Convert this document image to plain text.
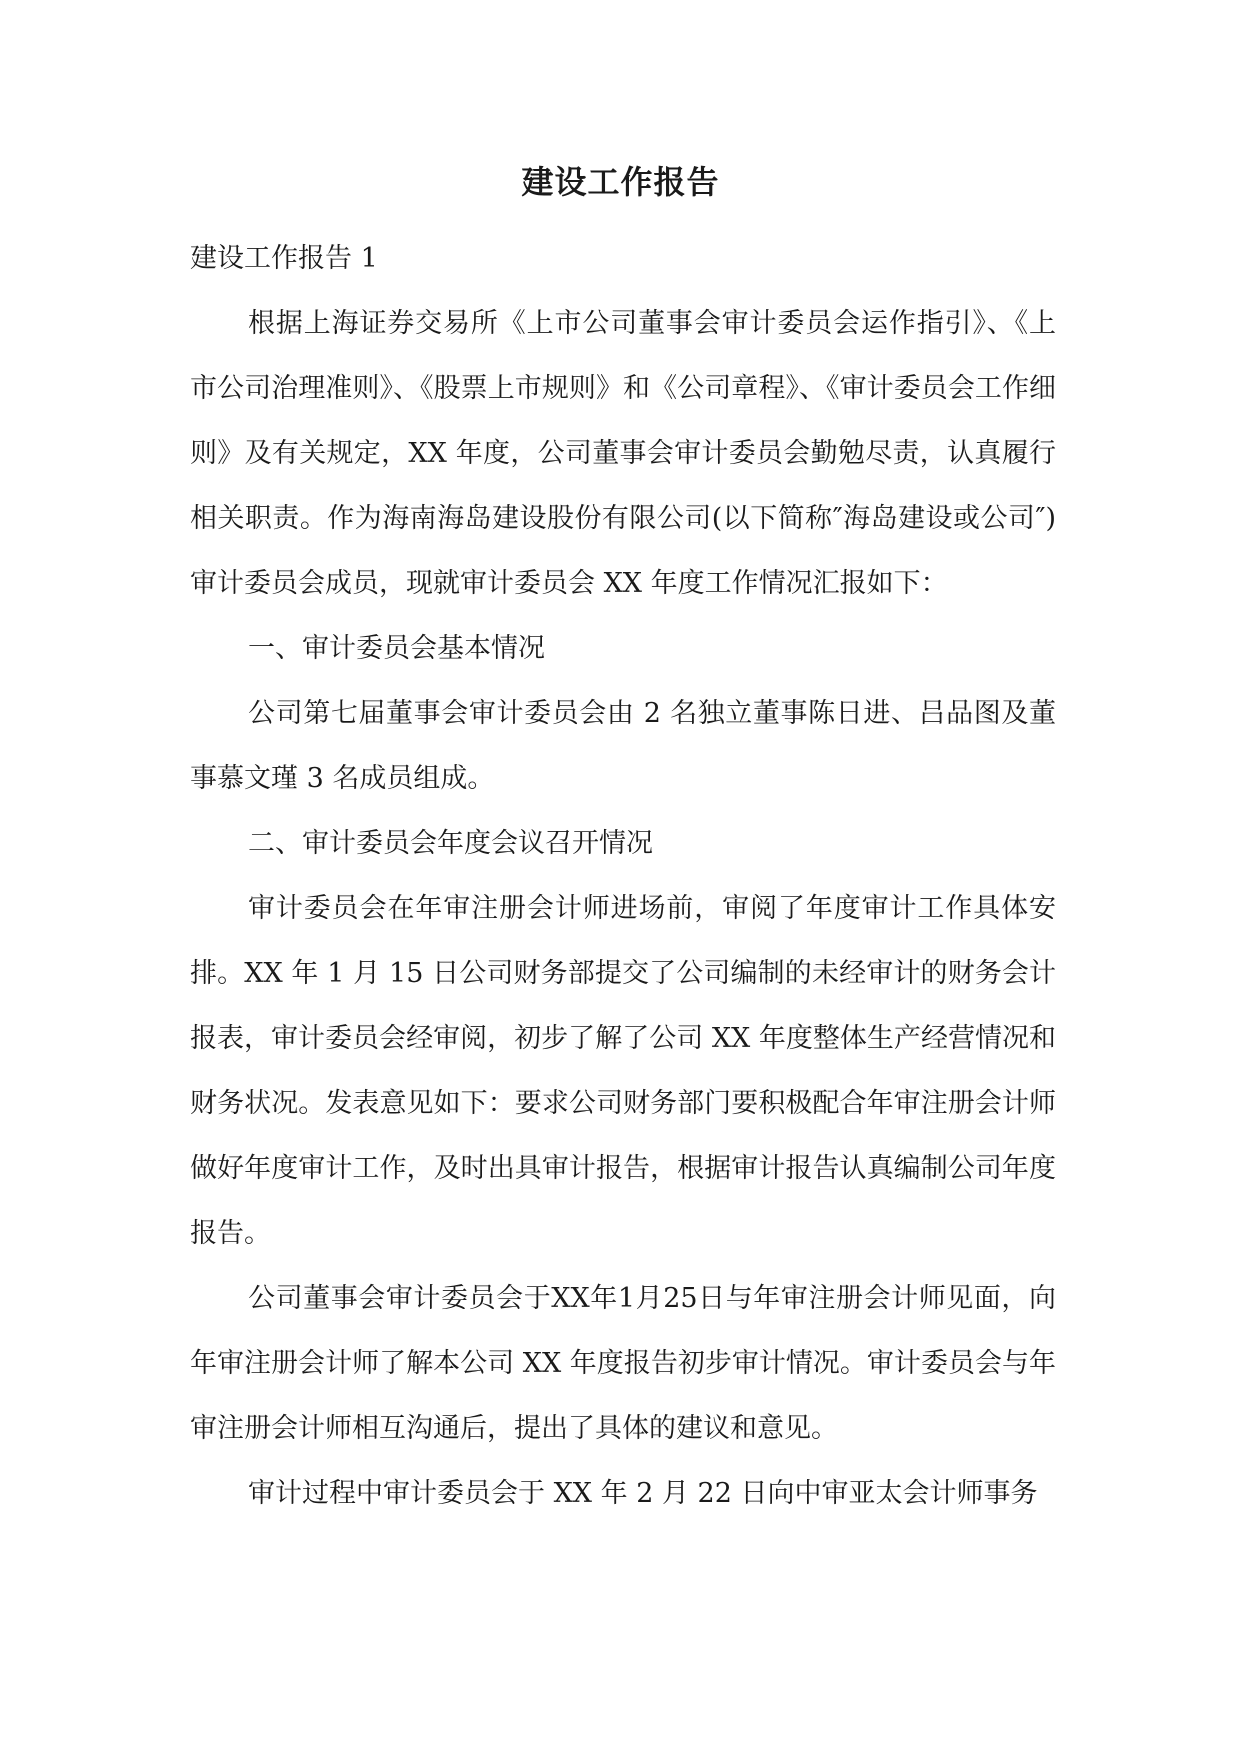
建设工作报告

建设工作报告 1

根据上海证券交易所《上市公司董事会审计委员会运作指引》、《上市公司治理准则》、《股票上市规则》和《公司章程》、《审计委员会工作细则》及有关规定，XX 年度，公司董事会审计委员会勤勉尽责，认真履行相关职责。作为海南海岛建设股份有限公司(以下简称″海岛建设或公司″)审计委员会成员，现就审计委员会 XX 年度工作情况汇报如下：

一、审计委员会基本情况

公司第七届董事会审计委员会由 2 名独立董事陈日进、吕品图及董事慕文瑾 3 名成员组成。

二、审计委员会年度会议召开情况

审计委员会在年审注册会计师进场前，审阅了年度审计工作具体安排。XX 年 1 月 15 日公司财务部提交了公司编制的未经审计的财务会计报表，审计委员会经审阅，初步了解了公司 XX 年度整体生产经营情况和财务状况。发表意见如下：要求公司财务部门要积极配合年审注册会计师做好年度审计工作，及时出具审计报告，根据审计报告认真编制公司年度报告。

公司董事会审计委员会于XX年1月25日与年审注册会计师见面，向年审注册会计师了解本公司 XX 年度报告初步审计情况。审计委员会与年审注册会计师相互沟通后，提出了具体的建议和意见。

审计过程中审计委员会于 XX 年 2 月 22 日向中审亚太会计师事务
